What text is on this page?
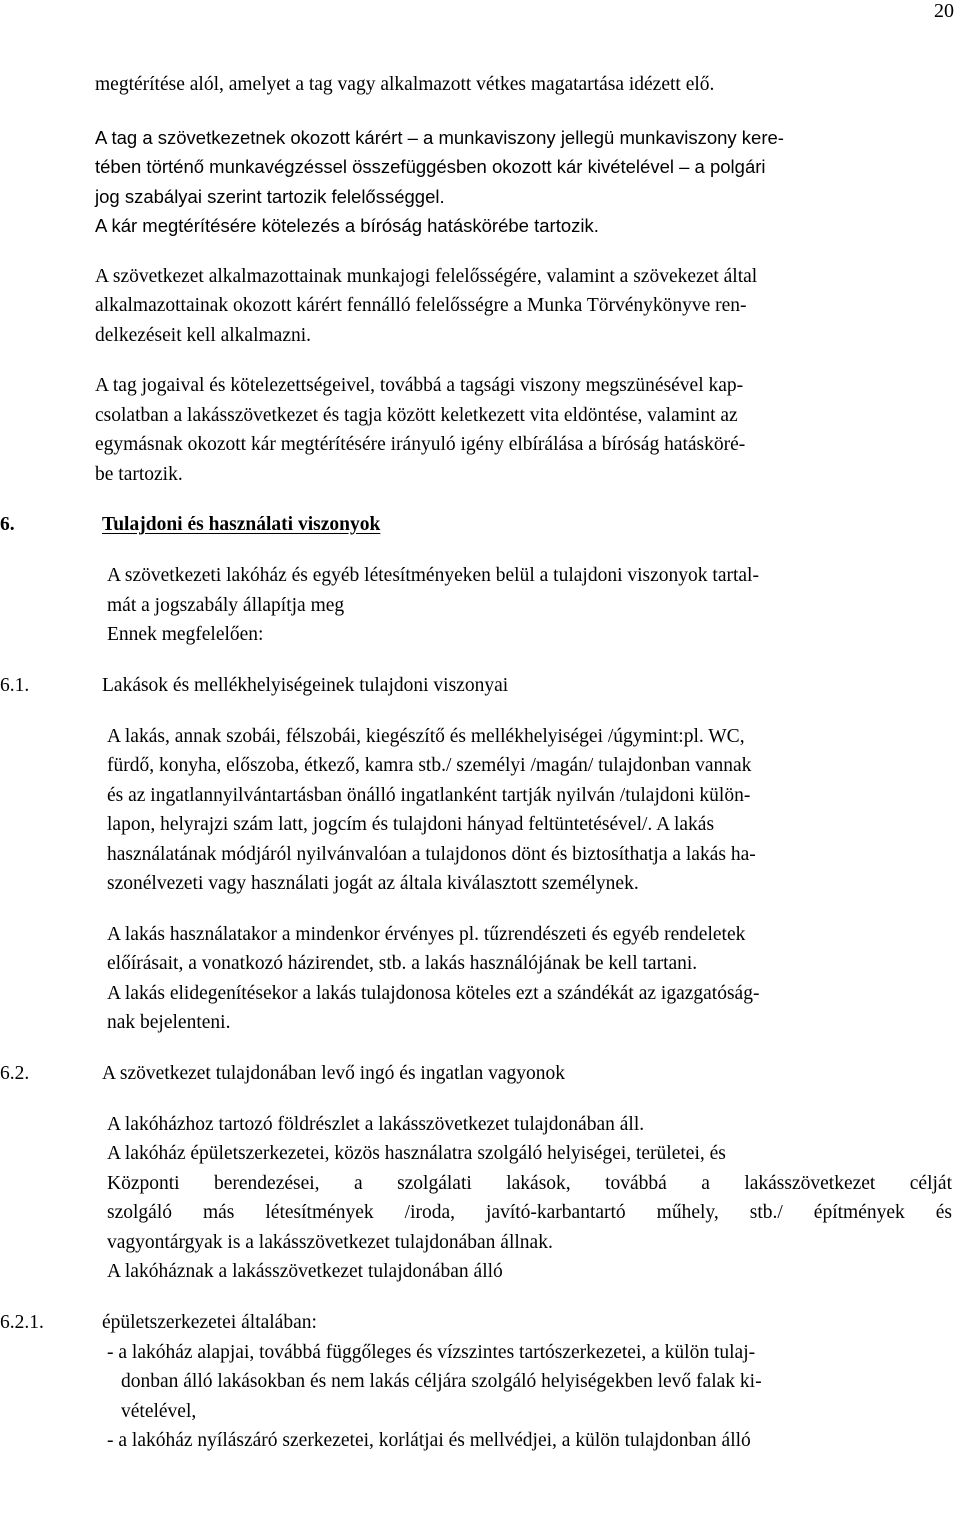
20

megtérítése alól, amelyet a tag vagy alkalmazott vétkes magatartása idézett elő.

A tag a szövetkezetnek okozott kárért – a munkaviszony jellegü munkaviszony kere-
tében történő munkavégzéssel összefüggésben okozott kár kivételével – a polgári
jog szabályai szerint tartozik felelősséggel.
A kár megtérítésére kötelezés a bíróság hatáskörébe tartozik.

A szövetkezet alkalmazottainak munkajogi felelősségére, valamint a szövekezet által
alkalmazottainak okozott kárért fennálló felelősségre a Munka Törvénykönyve ren-
delkezéseit kell alkalmazni.

A tag jogaival és kötelezettségeivel, továbbá a tagsági viszony megszünésével kap-
csolatban a lakásszövetkezet és tagja között keletkezett vita eldöntése, valamint az
egymásnak okozott kár megtérítésére irányuló igény elbírálása a bíróság hatásköré-
be tartozik.

6.	Tulajdoni és használati viszonyok

A szövetkezeti lakóház és egyéb létesítményeken belül a tulajdoni viszonyok tartal-
mát a jogszabály állapítja meg
Ennek megfelelően:

6.1.	Lakások és mellékhelyiségeinek tulajdoni viszonyai

A lakás, annak szobái, félszobái, kiegészítő és mellékhelyiségei /úgymint:pl. WC,
fürdő, konyha, előszoba, étkező, kamra stb./ személyi /magán/ tulajdonban vannak
és az ingatlannyilvántartásban önálló ingatlanként tartják nyilván /tulajdoni külön-
lapon, helyrajzi szám latt, jogcím és tulajdoni hányad feltüntetésével/. A lakás
használatának módjáról nyilvánvalóan a tulajdonos dönt és biztosíthatja a lakás ha-
szonélvezeti vagy használati jogát az általa kiválasztott személynek.

A lakás használatakor a mindenkor érvényes pl. tűzrendészeti és egyéb rendeletek
előírásait, a vonatkozó házirendet, stb. a lakás használójának be kell tartani.
A lakás elidegenítésekor a lakás tulajdonosa köteles ezt a szándékát az igazgatóság-
nak bejelenteni.

6.2.	A szövetkezet tulajdonában levő ingó és ingatlan vagyonok

A lakóházhoz tartozó földrészlet a lakásszövetkezet tulajdonában áll.
A lakóház épületszerkezetei, közös használatra szolgáló helyiségei, területei, és
Központi berendezései, a szolgálati lakások, továbbá a lakásszövetkezet célját
szolgáló más létesítmények /iroda, javító-karbantartó műhely, stb./ építmények és
vagyontárgyak is a lakásszövetkezet tulajdonában állnak.
A lakóháznak a lakásszövetkezet tulajdonában álló

6.2.1.	épületszerkezetei általában:

- a lakóház alapjai, továbbá függőleges és vízszintes tartószerkezetei, a külön tulaj-
donban álló lakásokban és nem lakás céljára szolgáló helyiségekben levő falak ki-
vételével,

- a lakóház nyílászáró szerkezetei, korlátjai és mellvédjei, a külön tulajdonban álló
